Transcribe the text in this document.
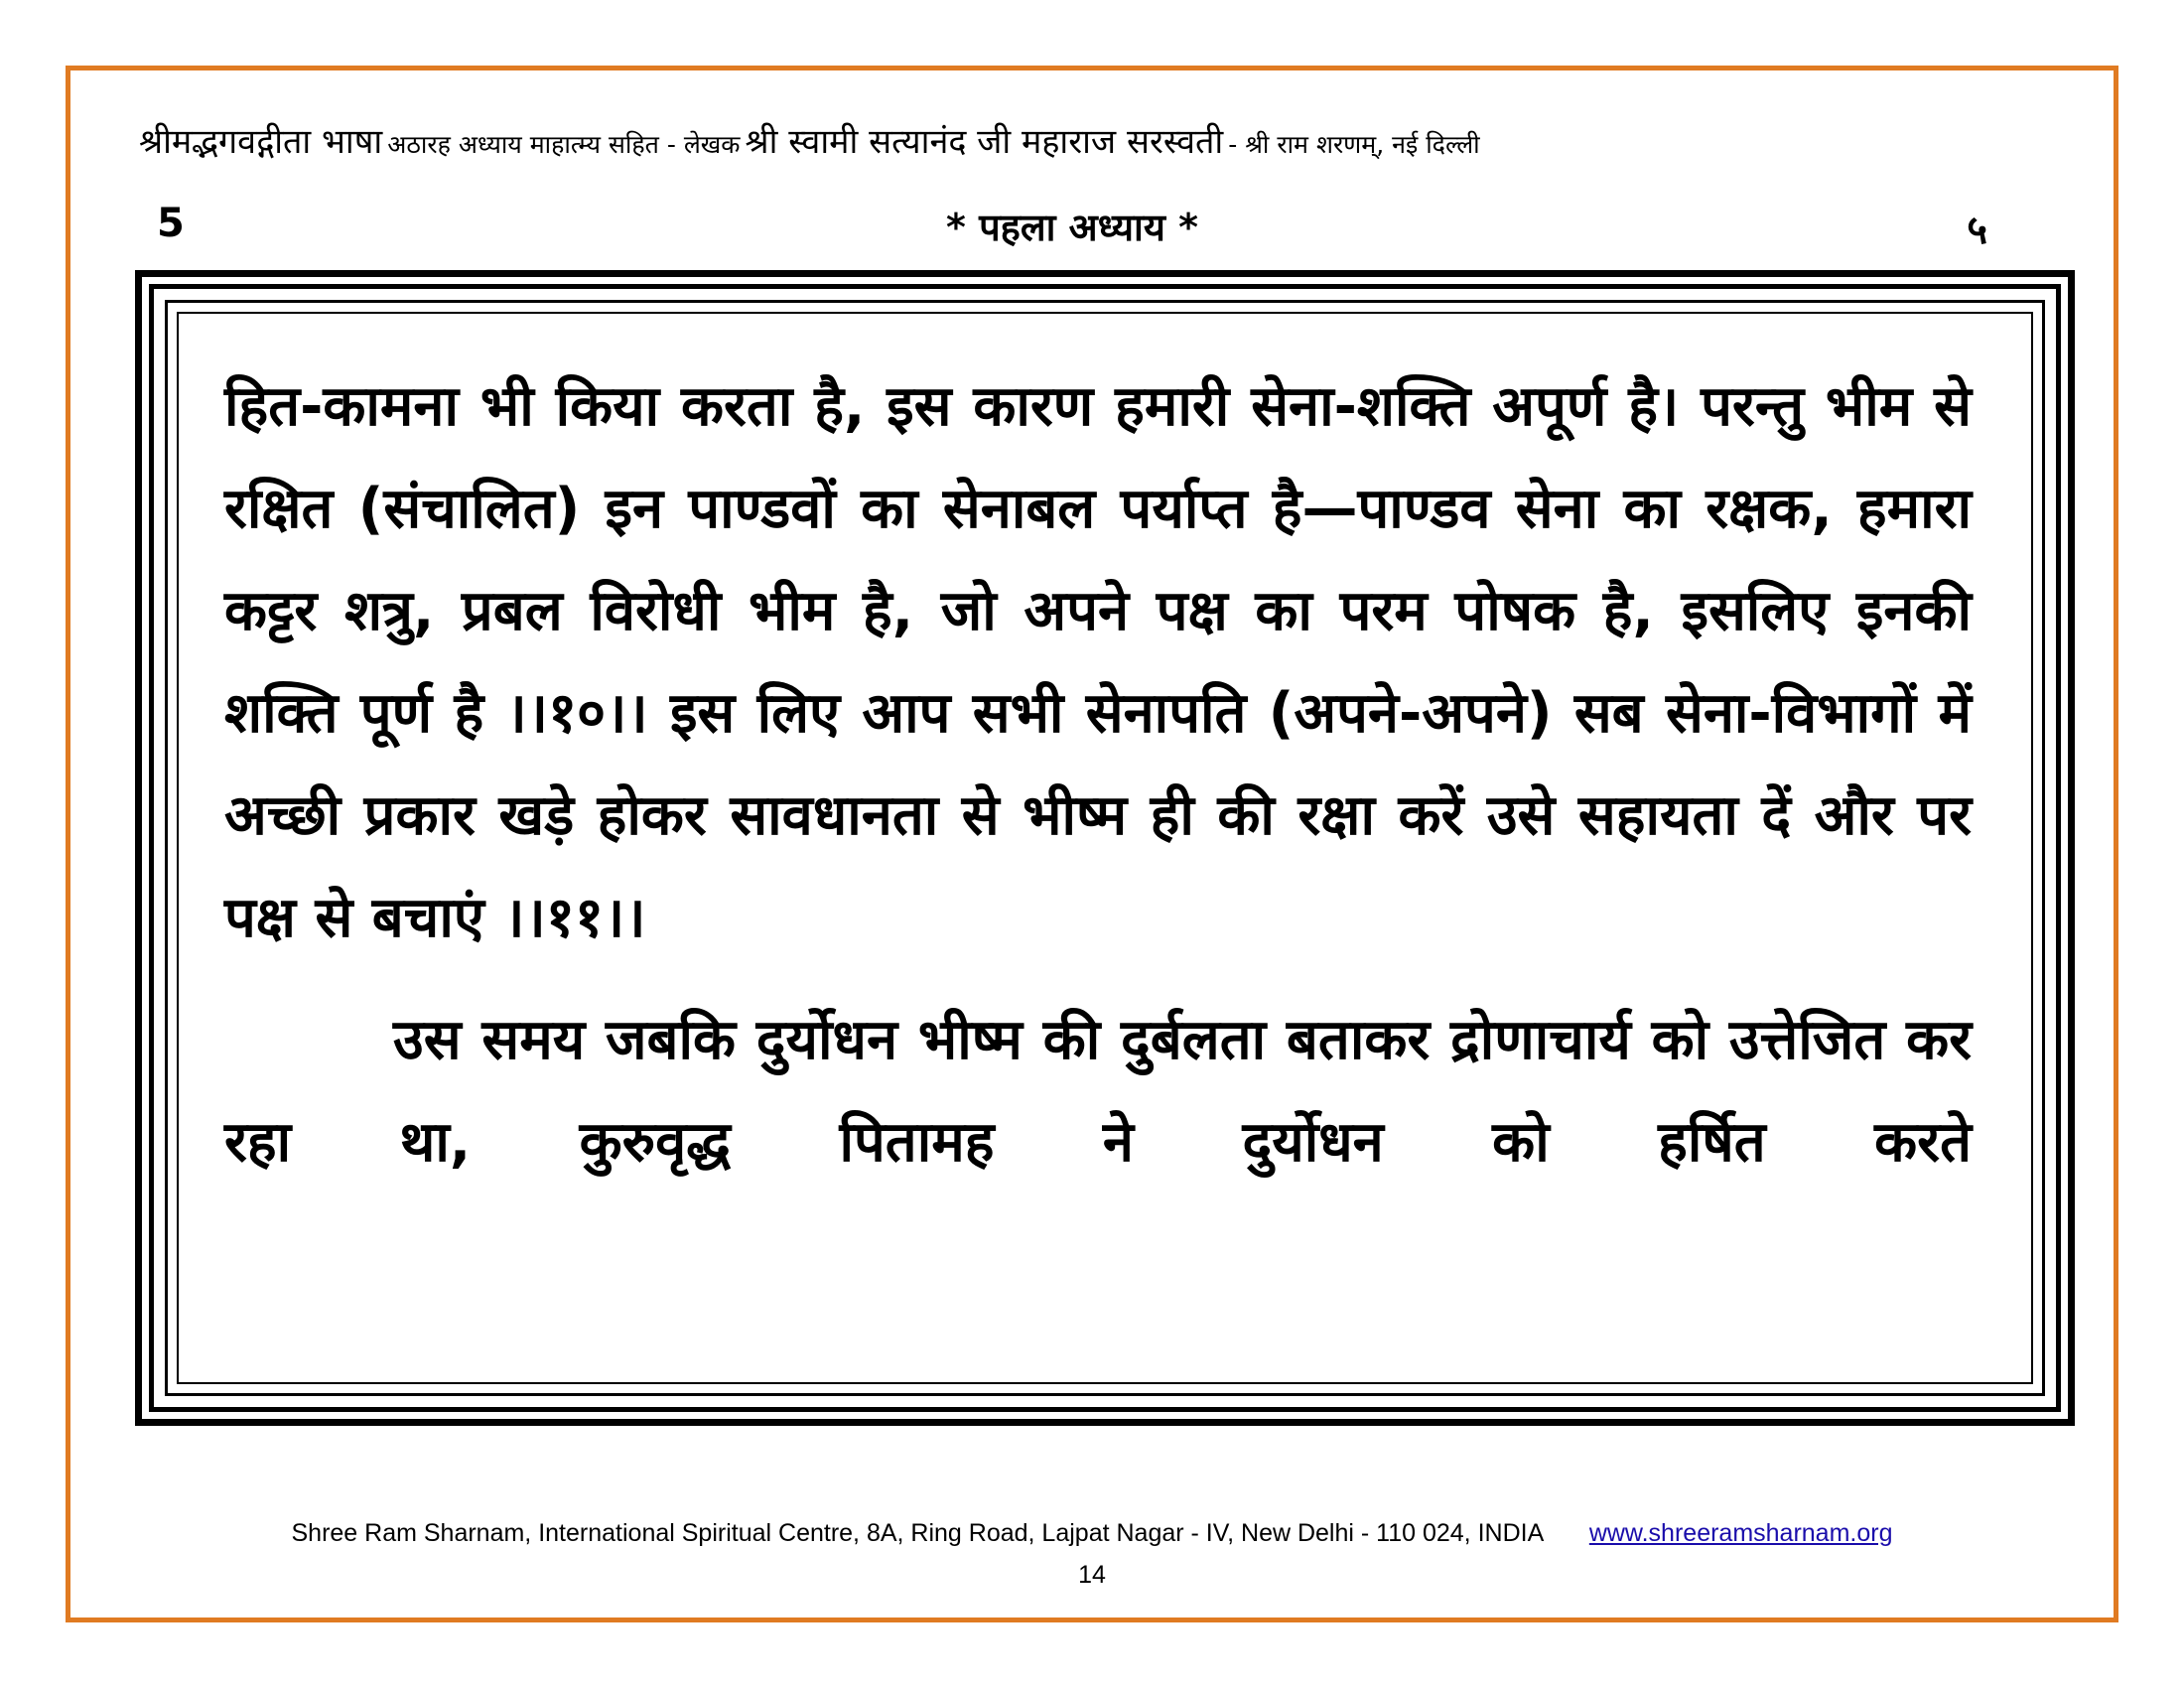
श्रीमद्भगवद्गीता भाषा अठारह अध्याय माहात्म्य सहित - लेखक श्री स्वामी सत्यानंद जी महाराज सरस्वती - श्री राम शरणम्, नई दिल्ली
5	* पहला अध्याय *	५

हित-कामना भी किया करता है, इस कारण हमारी सेना-शक्ति अपूर्ण है। परन्तु भीम से रक्षित (संचालित) इन पाण्डवों का सेनाबल पर्याप्त है—पाण्डव सेना का रक्षक, हमारा कट्टर शत्रु, प्रबल विरोधी भीम है, जो अपने पक्ष का परम पोषक है, इसलिए इनकी शक्ति पूर्ण है ।।१०।। इस लिए आप सभी सेनापति (अपने-अपने) सब सेना-विभागों में अच्छी प्रकार खड़े होकर सावधानता से भीष्म ही की रक्षा करें उसे सहायता दें और पर पक्ष से बचाएं ।।११।।

उस समय जबकि दुर्योधन भीष्म की दुर्बलता बताकर द्रोणाचार्य को उत्तेजित कर रहा था, कुरुवृद्ध पितामह ने दुर्योधन को हर्षित करते

Shree Ram Sharnam, International Spiritual Centre, 8A, Ring Road, Lajpat Nagar - IV, New Delhi - 110 024, INDIA www.shreeramsharnam.org
14
